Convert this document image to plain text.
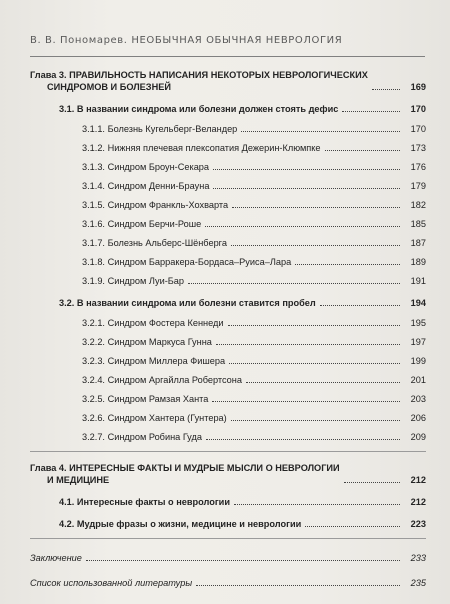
В. В. Пономарев. НЕОБЫЧНАЯ ОБЫЧНАЯ НЕВРОЛОГИЯ
Глава 3. ПРАВИЛЬНОСТЬ НАПИСАНИЯ НЕКОТОРЫХ НЕВРОЛОГИЧЕСКИХ
СИНДРОМОВ И БОЛЕЗНЕЙ	169
3.1. В названии синдрома или болезни должен стоять дефис	170
3.1.1. Болезнь Кугельберг-Веландер	170
3.1.2. Нижняя плечевая плексопатия Дежерин-Клюмпке	173
3.1.3. Синдром Броун-Секара	176
3.1.4. Синдром Денни-Брауна	179
3.1.5. Синдром Франкль-Хохварта	182
3.1.6. Синдром Берчи-Роше	185
3.1.7. Болезнь Альберс-Шёнберга	187
3.1.8. Синдром Барракера-Бордаса–Руиса–Лара	189
3.1.9. Синдром Луи-Бар	191
3.2. В названии синдрома или болезни ставится пробел	194
3.2.1. Синдром Фостера Кеннеди	195
3.2.2. Синдром Маркуса Гунна	197
3.2.3. Синдром Миллера Фишера	199
3.2.4. Синдром Аргайлла Робертсона	201
3.2.5. Синдром Рамзая Ханта	203
3.2.6. Синдром Хантера (Гунтера)	206
3.2.7. Синдром Робина Гуда	209
Глава 4. ИНТЕРЕСНЫЕ ФАКТЫ И МУДРЫЕ МЫСЛИ О НЕВРОЛОГИИ
И МЕДИЦИНЕ	212
4.1. Интересные факты о неврологии	212
4.2. Мудрые фразы о жизни, медицине и неврологии	223
Заключение	233
Список использованной литературы	235
